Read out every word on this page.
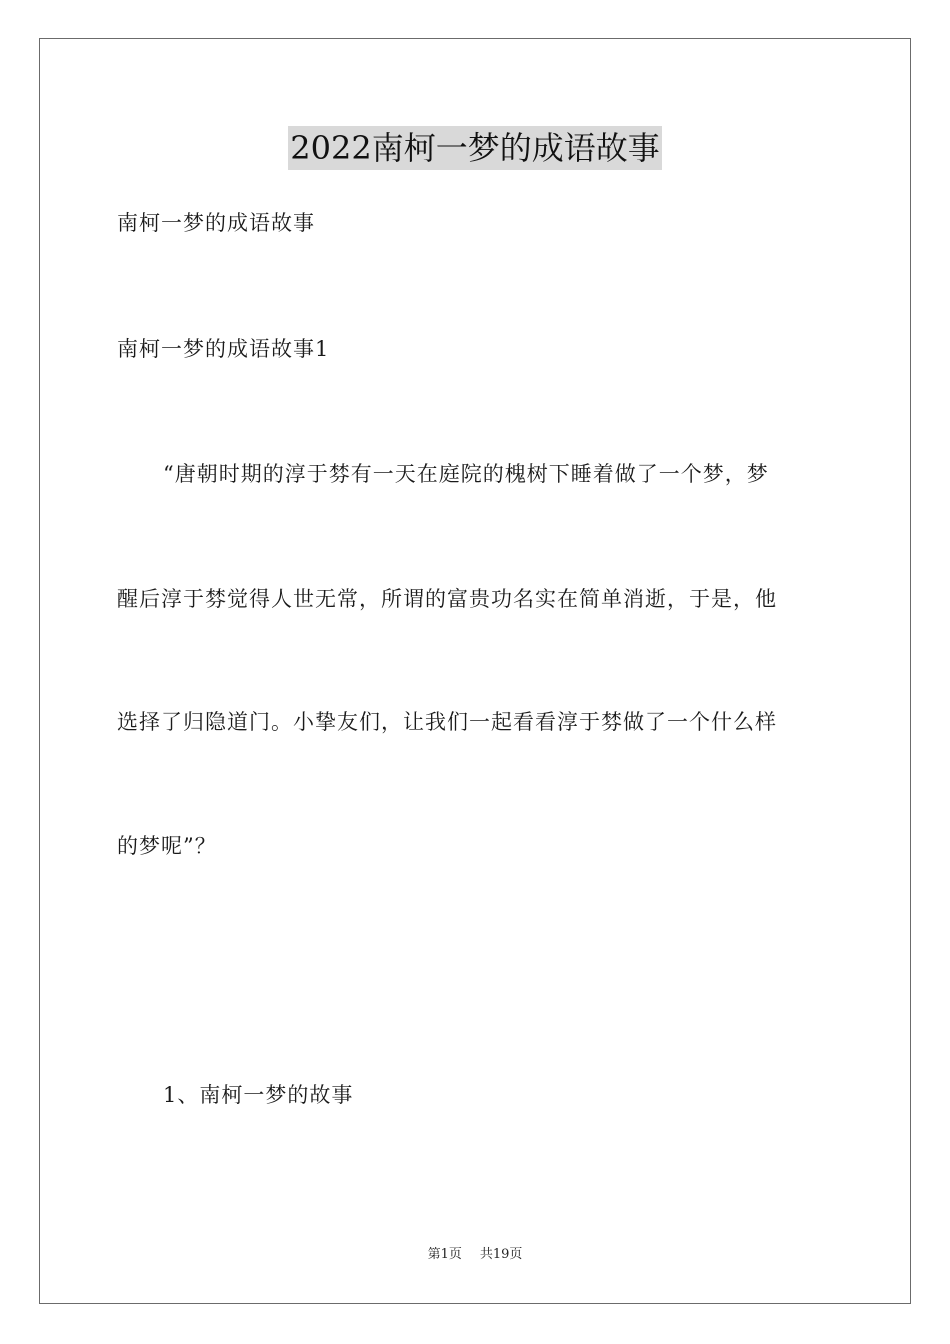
2022南柯一梦的成语故事
南柯一梦的成语故事
南柯一梦的成语故事1
“唐朝时期的淳于棼有一天在庭院的槐树下睡着做了一个梦，梦
醒后淳于棼觉得人世无常，所谓的富贵功名实在简单消逝，于是，他
选择了归隐道门。小挚友们，让我们一起看看淳于棼做了一个什么样
的梦呢”？
1、南柯一梦的故事
第1页 共19页
